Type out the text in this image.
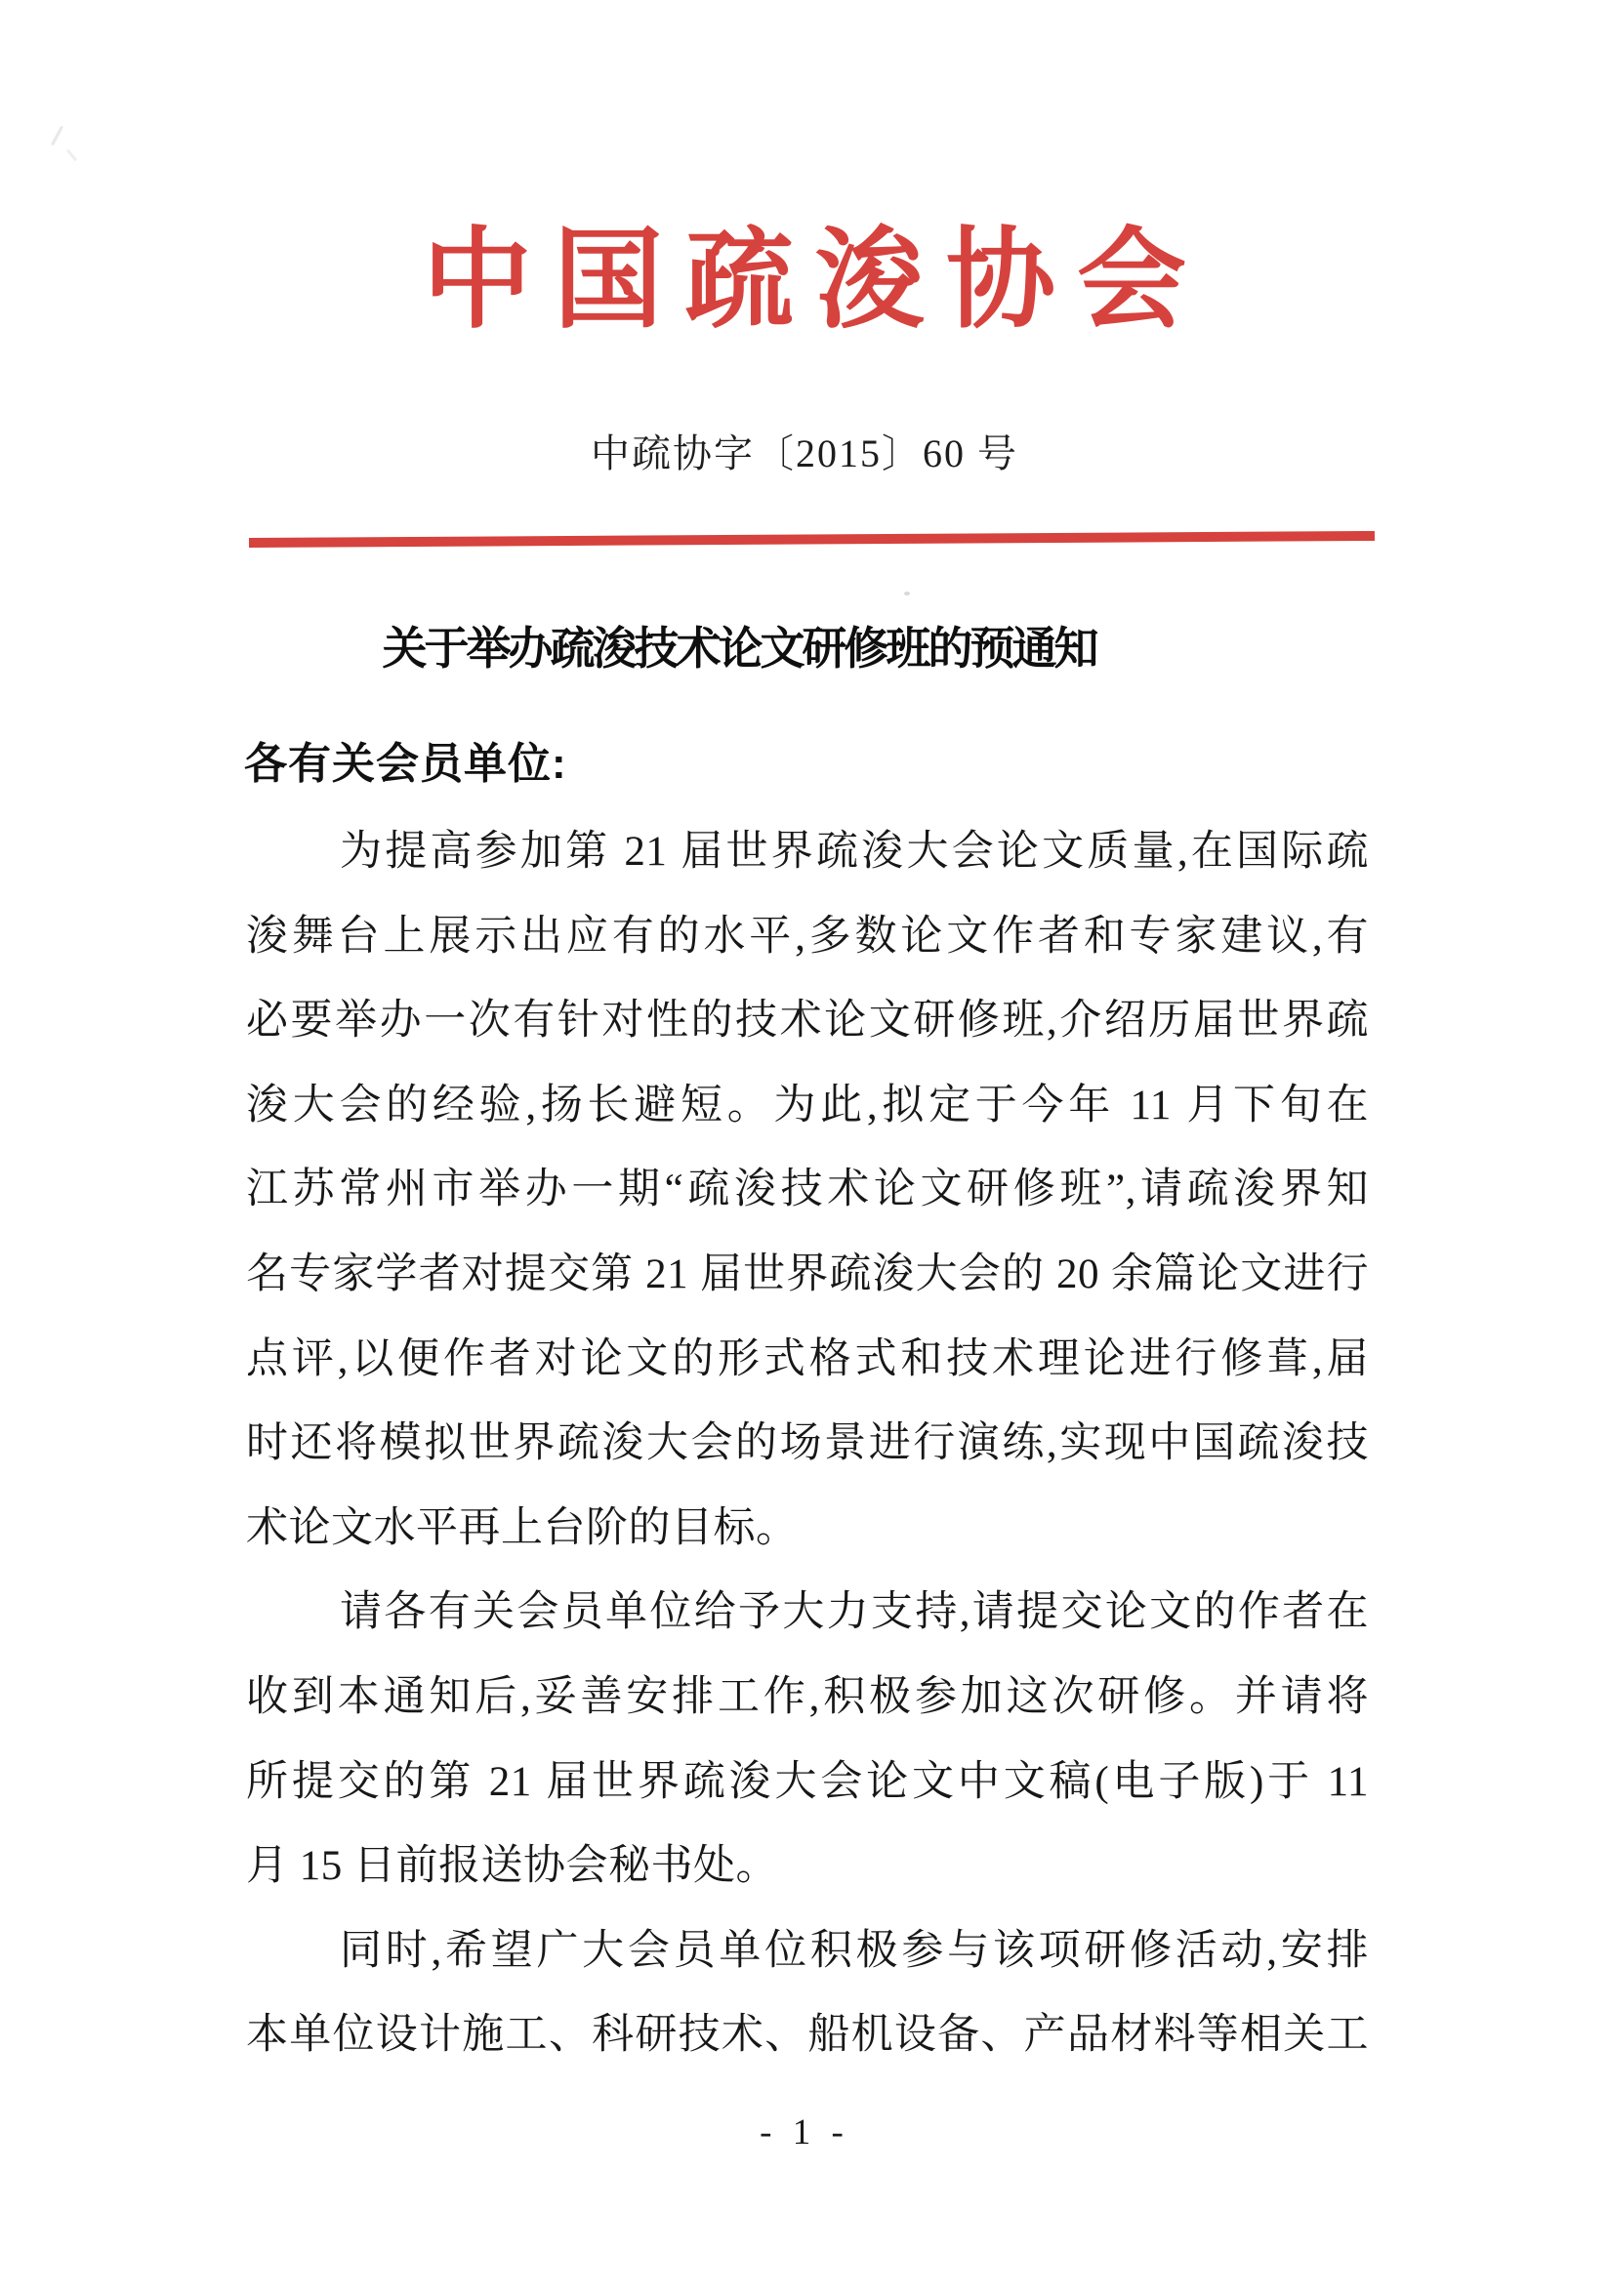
中国疏浚协会
中疏协字〔2015〕60 号
关于举办疏浚技术论文研修班的预通知
各有关会员单位:
为提高参加第 21 届世界疏浚大会论文质量,在国际疏
浚舞台上展示出应有的水平,多数论文作者和专家建议,有
必要举办一次有针对性的技术论文研修班,介绍历届世界疏
浚大会的经验,扬长避短。为此,拟定于今年 11 月下旬在
江苏常州市举办一期“疏浚技术论文研修班”,请疏浚界知
名专家学者对提交第 21 届世界疏浚大会的 20 余篇论文进行
点评,以便作者对论文的形式格式和技术理论进行修葺,届
时还将模拟世界疏浚大会的场景进行演练,实现中国疏浚技
术论文水平再上台阶的目标。
请各有关会员单位给予大力支持,请提交论文的作者在
收到本通知后,妥善安排工作,积极参加这次研修。并请将
所提交的第 21 届世界疏浚大会论文中文稿(电子版)于 11
月 15 日前报送协会秘书处。
同时,希望广大会员单位积极参与该项研修活动,安排
本单位设计施工、科研技术、船机设备、产品材料等相关工
- 1 -
